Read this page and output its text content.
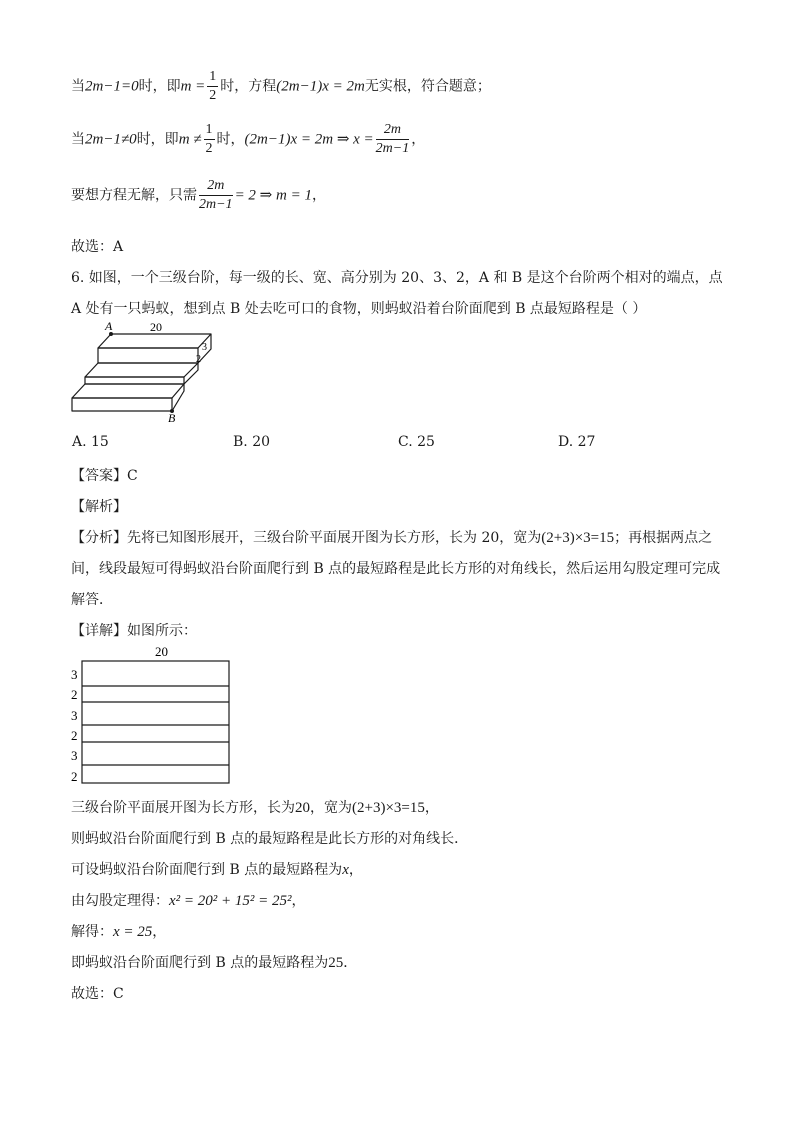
当2m−1=0时，即$m = \frac{1}{2}$ 时，方程(2m−1)x = 2m无实根，符合题意；
当2m−1≠0时，即$m \ne \frac{1}{2}$ 时，(2m−1)x = 2m ⇒ $x = \frac{2m}{2m-1}$ ，
要想方程无解，只需 $\frac{2m}{2m-1} = 2$ ⇒ m = 1，
故选：A
6. 如图，一个三级台阶，每一级的长、宽、高分别为 20、3、2，A 和 B 是这个台阶两个相对的端点，点
A 处有一只蚂蚁，想到点 B 处去吃可口的食物，则蚂蚁沿着台阶面爬到 B 点最短路程是（ ）
A	20
3
2
B
A. 15	B. 20	C. 25	D. 27
【答案】C
【解析】
【分析】先将已知图形展开，三级台阶平面展开图为长方形，长为 20，宽为(2+3)×3=15；再根据两点之
间，线段最短可得蚂蚁沿台阶面爬行到 B 点的最短路程是此长方形的对角线长，然后运用勾股定理可完成
解答．
【详解】如图所示：
20
3
2
3
2
3
2
三级台阶平面展开图为长方形，长为20，宽为(2+3)×3=15，
则蚂蚁沿台阶面爬行到 B 点的最短路程是此长方形的对角线长．
可设蚂蚁沿台阶面爬行到 B 点的最短路程为x，
由勾股定理得：x² = 20² + 15² = 25²，
解得：x = 25，
即蚂蚁沿台阶面爬行到 B 点的最短路程为25．
故选：C
